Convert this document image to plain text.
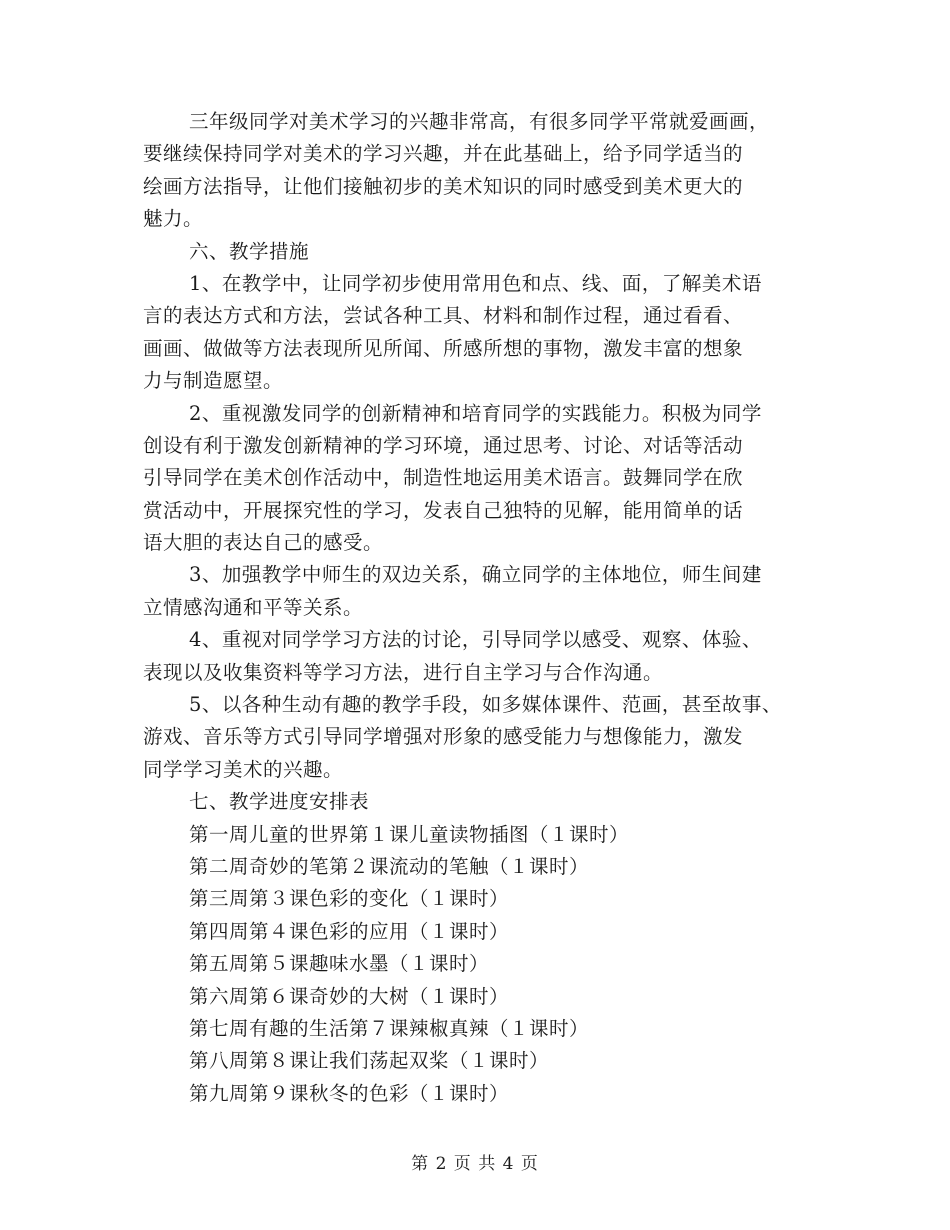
三年级同学对美术学习的兴趣非常高，有很多同学平常就爱画画，
要继续保持同学对美术的学习兴趣，并在此基础上，给予同学适当的
绘画方法指导，让他们接触初步的美术知识的同时感受到美术更大的
魅力。
六、教学措施
1、在教学中，让同学初步使用常用色和点、线、面，了解美术语
言的表达方式和方法，尝试各种工具、材料和制作过程，通过看看、
画画、做做等方法表现所见所闻、所感所想的事物，激发丰富的想象
力与制造愿望。
2、重视激发同学的创新精神和培育同学的实践能力。积极为同学
创设有利于激发创新精神的学习环境，通过思考、讨论、对话等活动
引导同学在美术创作活动中，制造性地运用美术语言。鼓舞同学在欣
赏活动中，开展探究性的学习，发表自己独特的见解，能用简单的话
语大胆的表达自己的感受。
3、加强教学中师生的双边关系，确立同学的主体地位，师生间建
立情感沟通和平等关系。
4、重视对同学学习方法的讨论，引导同学以感受、观察、体验、
表现以及收集资料等学习方法，进行自主学习与合作沟通。
5、以各种生动有趣的教学手段，如多媒体课件、范画，甚至故事、
游戏、音乐等方式引导同学增强对形象的感受能力与想像能力，激发
同学学习美术的兴趣。
七、教学进度安排表
第一周儿童的世界第１课儿童读物插图（１课时）
第二周奇妙的笔第２课流动的笔触（１课时）
第三周第３课色彩的变化（１课时）
第四周第４课色彩的应用（１课时）
第五周第５课趣味水墨（１课时）
第六周第６课奇妙的大树（１课时）
第七周有趣的生活第７课辣椒真辣（１课时）
第八周第８课让我们荡起双桨（１课时）
第九周第９课秋冬的色彩（１课时）
第 2 页 共 4 页
